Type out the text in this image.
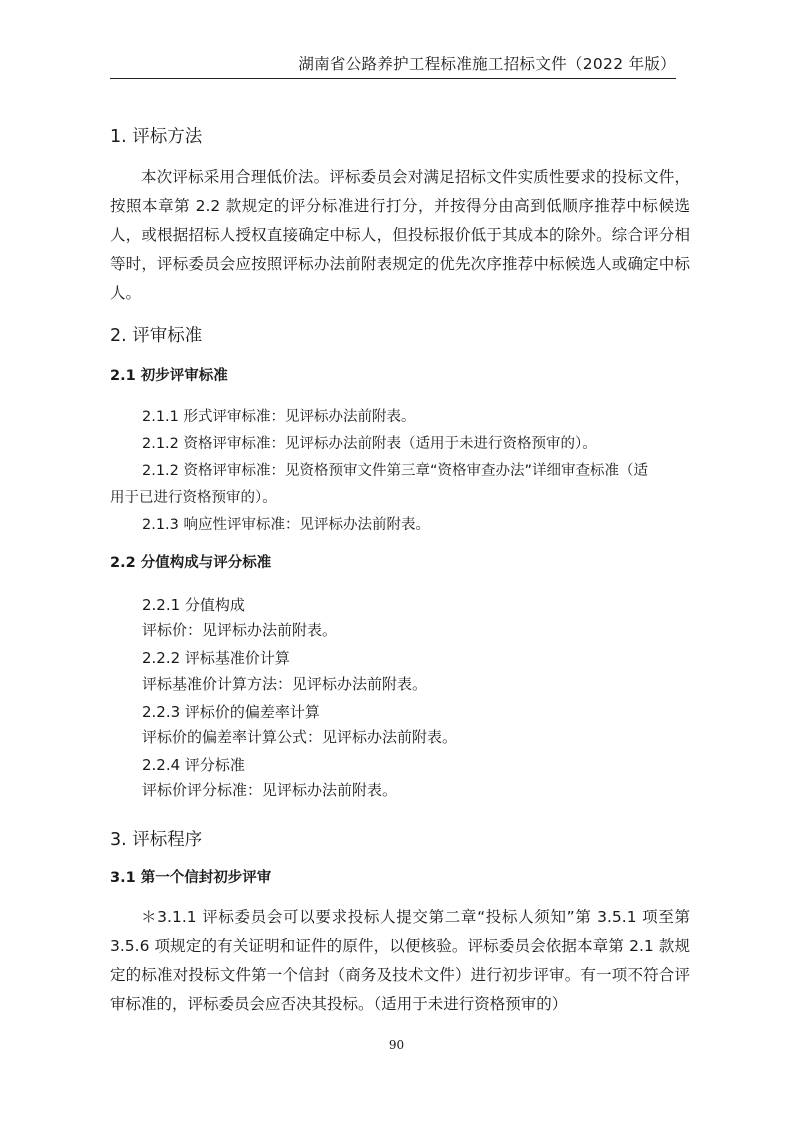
湖南省公路养护工程标准施工招标文件（2022 年版）
1. 评标方法

本次评标采用合理低价法。评标委员会对满足招标文件实质性要求的投标文件，按照本章第 2.2 款规定的评分标准进行打分，并按得分由高到低顺序推荐中标候选人，或根据招标人授权直接确定中标人，但投标报价低于其成本的除外。综合评分相等时，评标委员会应按照评标办法前附表规定的优先次序推荐中标候选人或确定中标人。

2. 评审标准
2.1 初步评审标准

2.1.1 形式评审标准：见评标办法前附表。

2.1.2 资格评审标准：见评标办法前附表（适用于未进行资格预审的）。

2.1.2 资格评审标准：见资格预审文件第三章“资格审查办法”详细审查标准（适

用于已进行资格预审的）。

2.1.3 响应性评审标准：见评标办法前附表。

2.2 分值构成与评分标准

2.2.1 分值构成

评标价：见评标办法前附表。

2.2.2 评标基准价计算

评标基准价计算方法：见评标办法前附表。

2.2.3 评标价的偏差率计算

评标价的偏差率计算公式：见评标办法前附表。

2.2.4 评分标准

评标价评分标准：见评标办法前附表。

3. 评标程序
3.1 第一个信封初步评审

＊3.1.1 评标委员会可以要求投标人提交第二章“投标人须知”第 3.5.1 项至第 3.5.6 项规定的有关证明和证件的原件，以便核验。评标委员会依据本章第 2.1 款规定的标准对投标文件第一个信封（商务及技术文件）进行初步评审。有一项不符合评审标准的，评标委员会应否决其投标。（适用于未进行资格预审的）

90
